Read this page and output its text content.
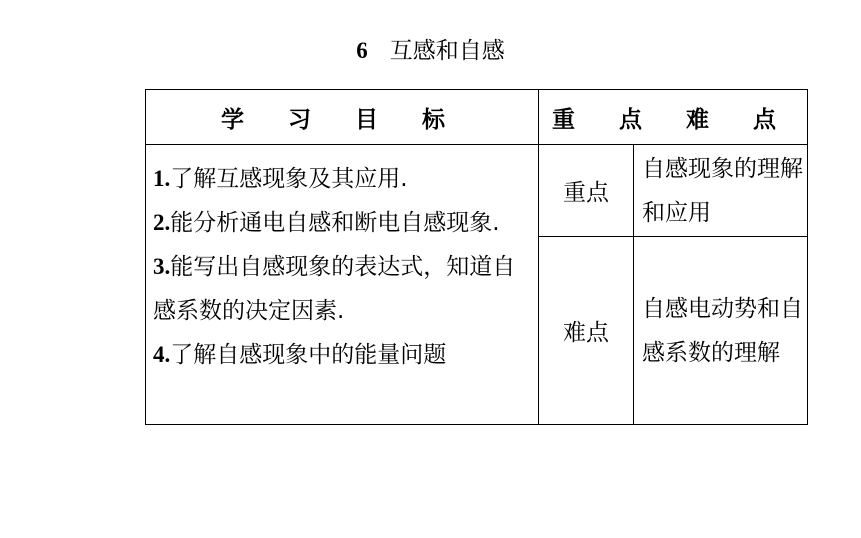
6 互感和自感
学 习 目 标	重 点 难 点	

1.了解互感现象及其应用.
2.能分析通电自感和断电自感现象.
3.能写出自感现象的表达式，知道自感系数的决定因素.
4.了解自感现象中的能量问题	重点	自感现象的理解和应用
	难点	自感电动势和自感系数的理解
